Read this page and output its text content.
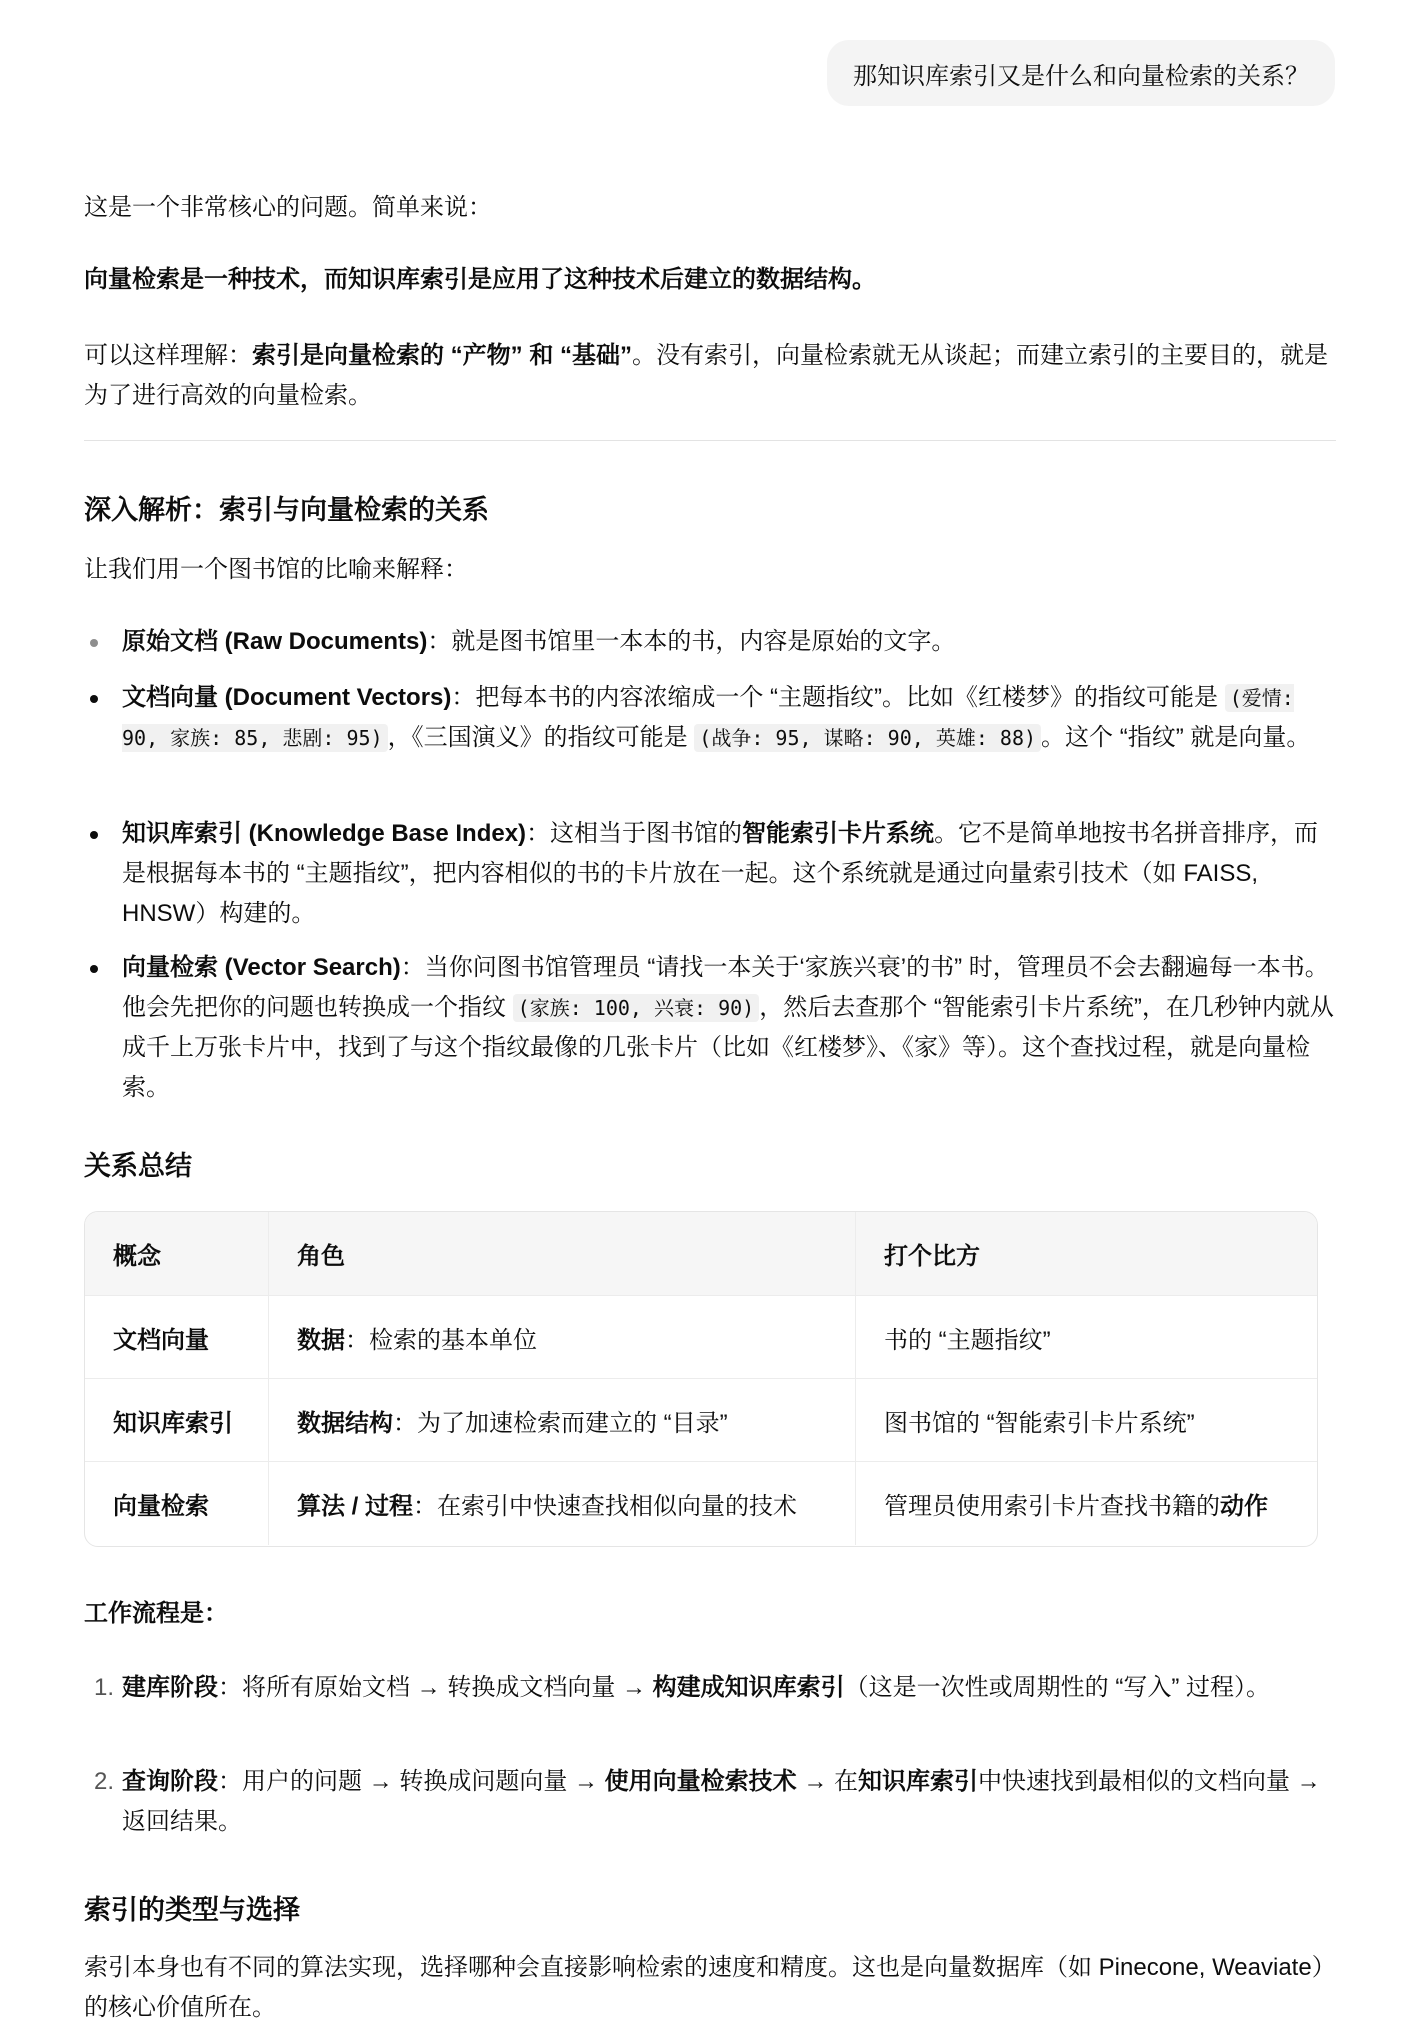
那知识库索引又是什么和向量检索的关系？
这是一个非常核心的问题。简单来说：
向量检索是一种技术，而知识库索引是应用了这种技术后建立的数据结构。
可以这样理解：索引是向量检索的 “产物” 和 “基础”。没有索引，向量检索就无从谈起；而建立索引的主要目的，就是为了进行高效的向量检索。
深入解析：索引与向量检索的关系
让我们用一个图书馆的比喻来解释：
原始文档 (Raw Documents)：就是图书馆里一本本的书，内容是原始的文字。
文档向量 (Document Vectors)：把每本书的内容浓缩成一个 “主题指纹”。比如《红楼梦》的指纹可能是 (爱情: 90, 家族: 85, 悲剧: 95) ，《三国演义》的指纹可能是 (战争: 95, 谋略: 90, 英雄: 88) 。这个 “指纹” 就是向量。
知识库索引 (Knowledge Base Index)：这相当于图书馆的智能索引卡片系统。它不是简单地按书名拼音排序，而是根据每本书的 “主题指纹”，把内容相似的书的卡片放在一起。这个系统就是通过向量索引技术（如 FAISS, HNSW）构建的。
向量检索 (Vector Search)：当你问图书馆管理员 “请找一本关于‘家族兴衰’的书” 时，管理员不会去翻遍每一本书。他会先把你的问题也转换成一个指纹 (家族: 100, 兴衰: 90) ，然后去查那个 “智能索引卡片系统”，在几秒钟内就从成千上万张卡片中，找到了与这个指纹最像的几张卡片（比如《红楼梦》、《家》等）。这个查找过程，就是向量检索。
关系总结
概念	角色	打个比方
文档向量	数据 ：检索的基本单位	书的 “主题指纹”
知识库索引	数据结构 ：为了加速检索而建立的 “目录”	图书馆的 “智能索引卡片系统”
向量检索	算法 / 过程 ：在索引中快速查找相似向量的技术	管理员使用索引卡片查找书籍的 动作
工作流程是：
1. 建库阶段：将所有原始文档 → 转换成文档向量 → 构建成知识库索引（这是一次性或周期性的 “写入” 过程）。
2. 查询阶段：用户的问题 → 转换成问题向量 → 使用向量检索技术 → 在知识库索引中快速找到最相似的文档向量 → 返回结果。
索引的类型与选择
索引本身也有不同的算法实现，选择哪种会直接影响检索的速度和精度。这也是向量数据库（如 Pinecone, Weaviate）的核心价值所在。
